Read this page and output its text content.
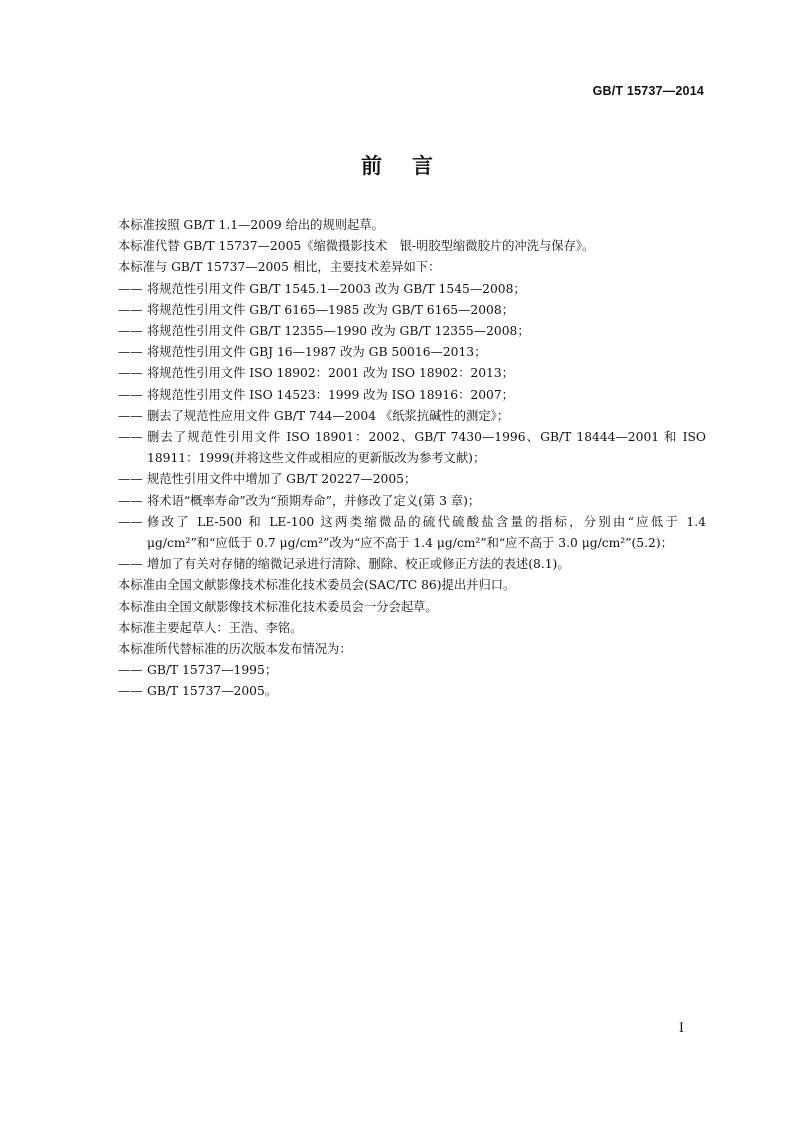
GB/T 15737—2014
前言

本标准按照 GB/T 1.1—2009 给出的规则起草。

本标准代替 GB/T 15737—2005《缩微摄影技术　银-明胶型缩微胶片的冲洗与保存》。

本标准与 GB/T 15737—2005 相比，主要技术差异如下：

—— 将规范性引用文件 GB/T 1545.1—2003 改为 GB/T 1545—2008；
—— 将规范性引用文件 GB/T 6165—1985 改为 GB/T 6165—2008；
—— 将规范性引用文件 GB/T 12355—1990 改为 GB/T 12355—2008；
—— 将规范性引用文件 GBJ 16—1987 改为 GB 50016—2013；
—— 将规范性引用文件 ISO 18902：2001 改为 ISO 18902：2013；
—— 将规范性引用文件 ISO 14523：1999 改为 ISO 18916：2007；
—— 删去了规范性应用文件 GB/T 744—2004 《纸浆抗碱性的测定》；
—— 删去了规范性引用文件 ISO 18901：2002、GB/T 7430—1996、GB/T 18444—2001 和 ISO 18911：1999(并将这些文件或相应的更新版改为参考文献)；
—— 规范性引用文件中增加了 GB/T 20227—2005；
—— 将术语“概率寿命”改为“预期寿命”，并修改了定义(第 3 章)；
—— 修改了 LE-500 和 LE-100 这两类缩微品的硫代硫酸盐含量的指标，分别由“应低于 1.4 μg/cm²”和“应低于 0.7 μg/cm²”改为“应不高于 1.4 μg/cm²”和“应不高于 3.0 μg/cm²”(5.2)；
—— 增加了有关对存储的缩微记录进行清除、删除、校正或修正方法的表述(8.1)。

本标准由全国文献影像技术标准化技术委员会(SAC/TC 86)提出并归口。

本标准由全国文献影像技术标准化技术委员会一分会起草。

本标准主要起草人：王浩、李铭。

本标准所代替标准的历次版本发布情况为：

—— GB/T 15737—1995；
—— GB/T 15737—2005。
I
